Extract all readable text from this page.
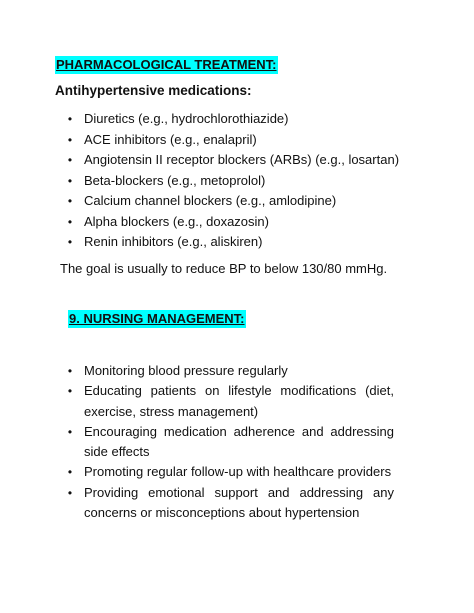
PHARMACOLOGICAL TREATMENT:
Antihypertensive medications:
• Diuretics (e.g., hydrochlorothiazide)
• ACE inhibitors (e.g., enalapril)
• Angiotensin II receptor blockers (ARBs) (e.g., losartan)
• Beta-blockers (e.g., metoprolol)
• Calcium channel blockers (e.g., amlodipine)
• Alpha blockers (e.g., doxazosin)
• Renin inhibitors (e.g., aliskiren)
The goal is usually to reduce BP to below 130/80 mmHg.
9. NURSING MANAGEMENT:
• Monitoring blood pressure regularly
• Educating patients on lifestyle modifications (diet, exercise, stress management)
• Encouraging medication adherence and addressing side effects
• Promoting regular follow-up with healthcare providers
• Providing emotional support and addressing any concerns or misconceptions about hypertension
